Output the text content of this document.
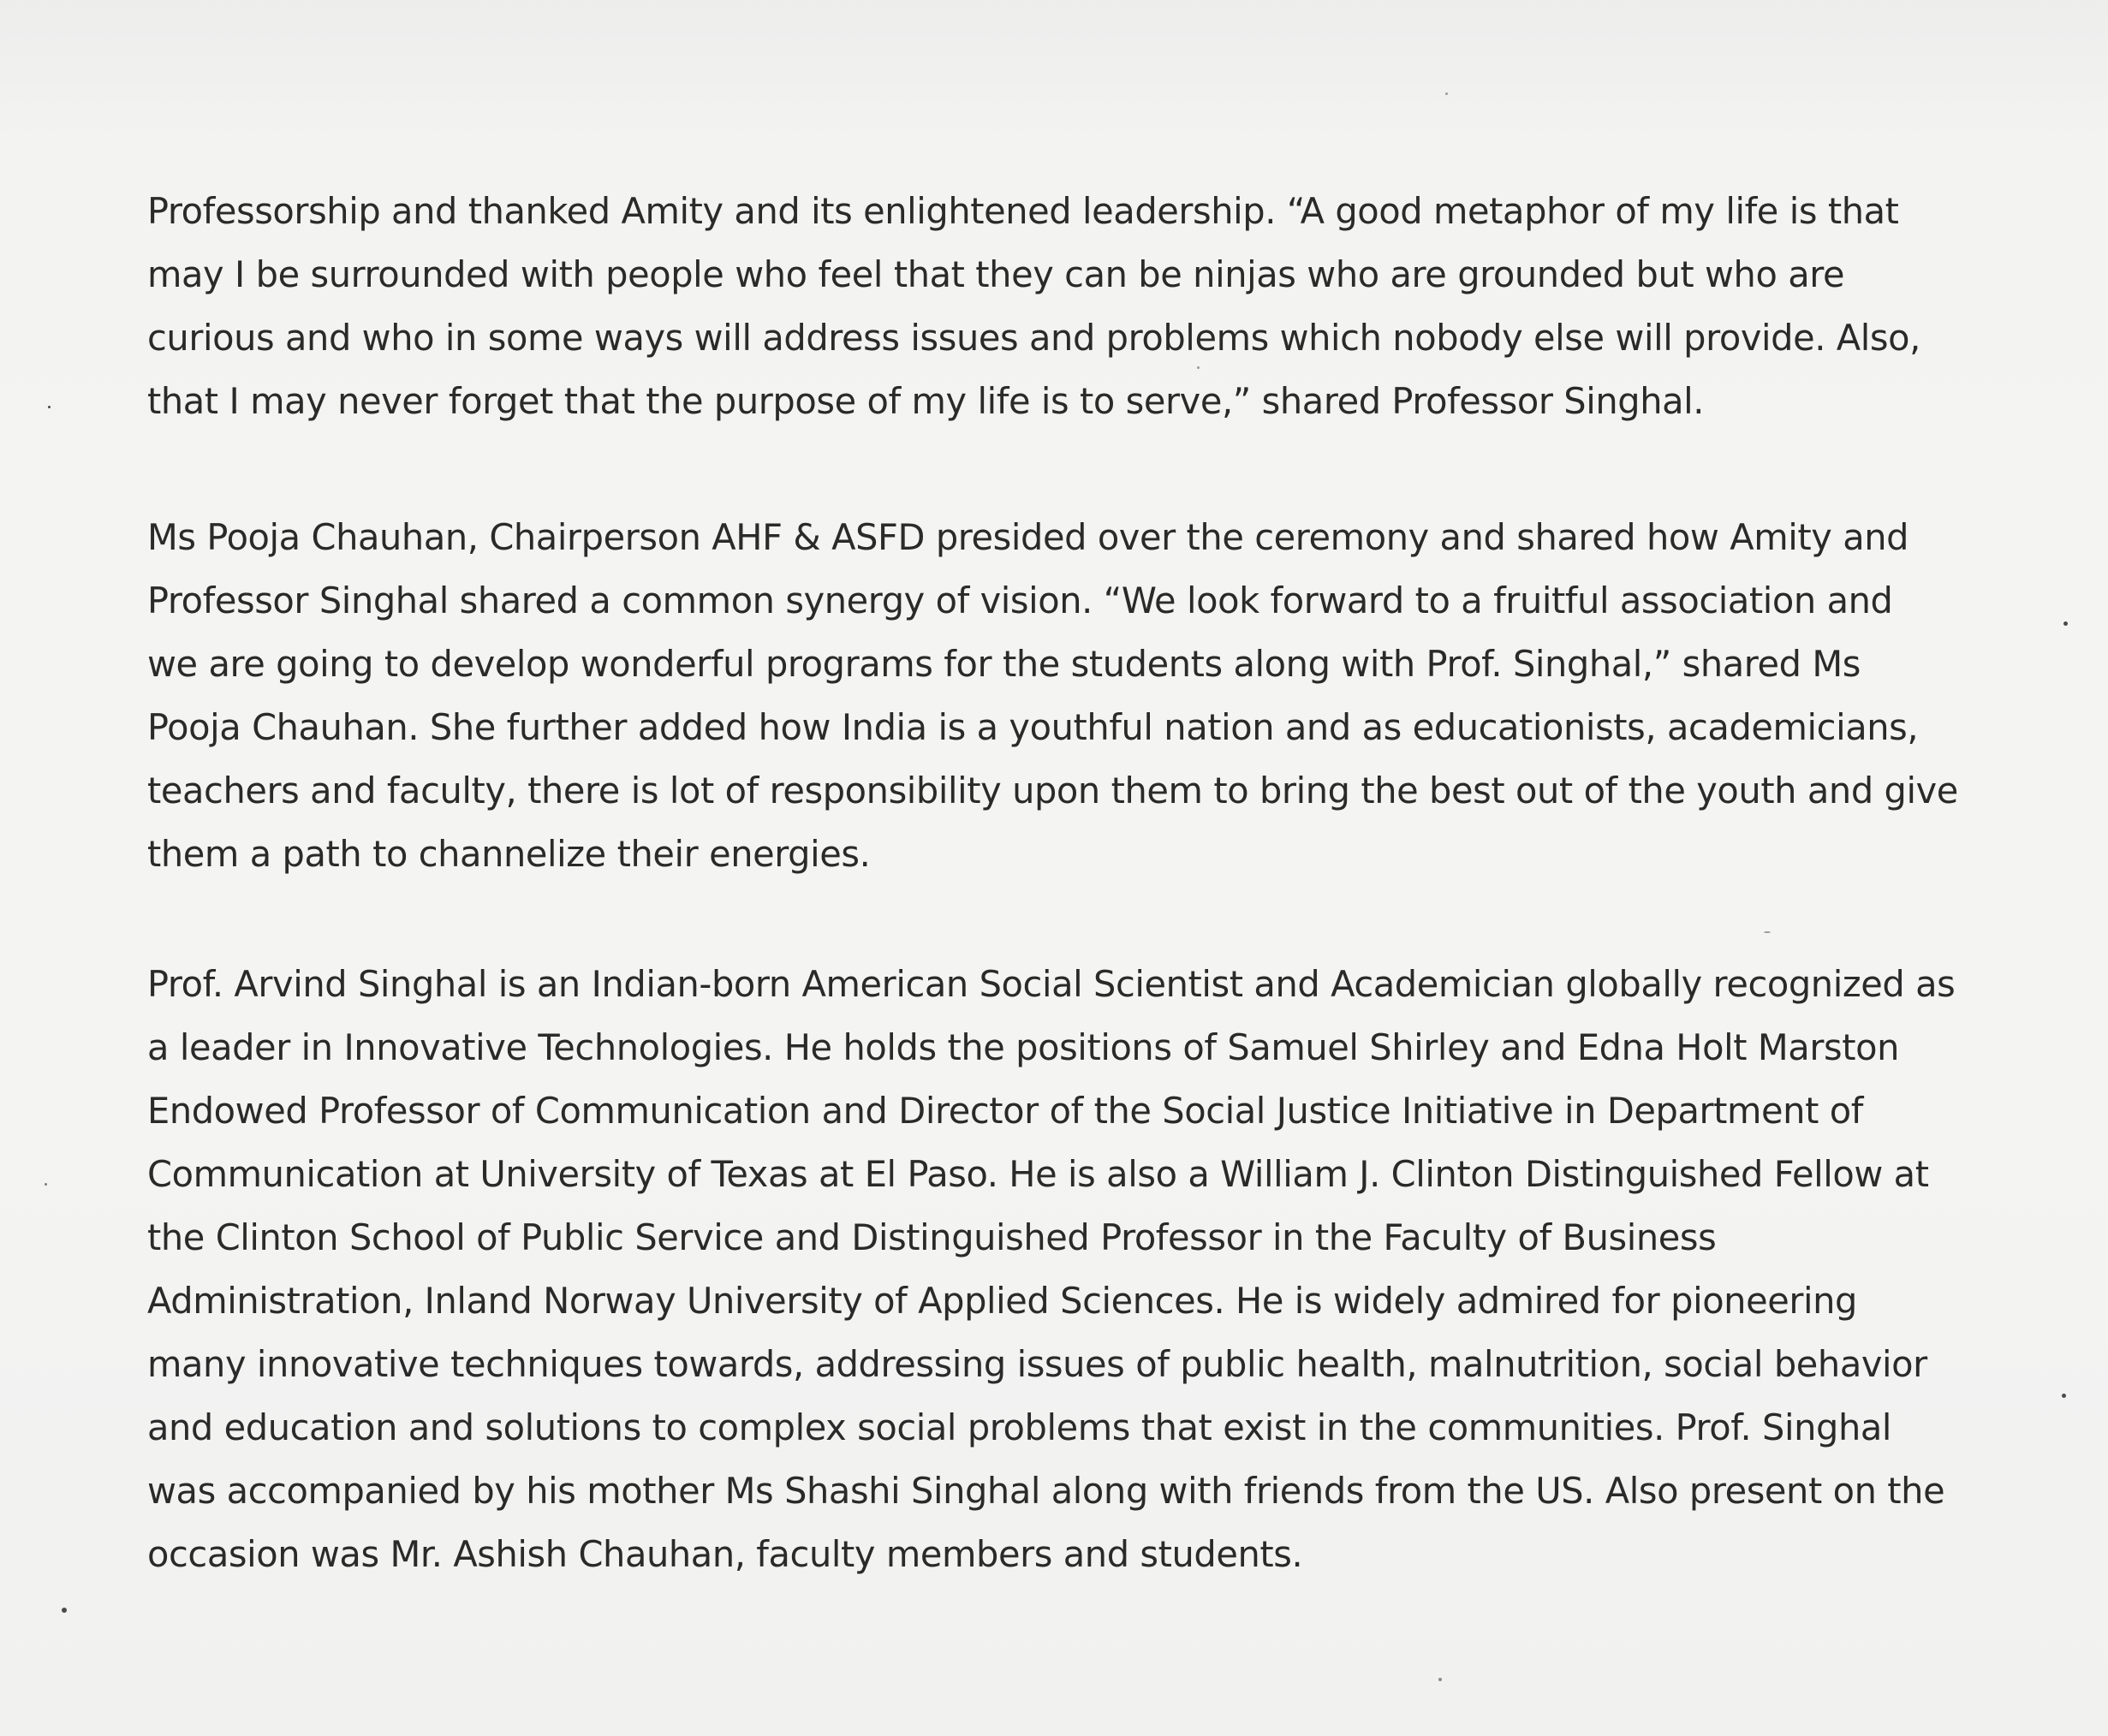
Professorship and thanked Amity and its enlightened leadership. “A good metaphor of my life is that
may I be surrounded with people who feel that they can be ninjas who are grounded but who are
curious and who in some ways will address issues and problems which nobody else will provide. Also,
that I may never forget that the purpose of my life is to serve,” shared Professor Singhal.
Ms Pooja Chauhan, Chairperson AHF & ASFD presided over the ceremony and shared how Amity and
Professor Singhal shared a common synergy of vision. “We look forward to a fruitful association and
we are going to develop wonderful programs for the students along with Prof. Singhal,” shared Ms
Pooja Chauhan. She further added how India is a youthful nation and as educationists, academicians,
teachers and faculty, there is lot of responsibility upon them to bring the best out of the youth and give
them a path to channelize their energies.
Prof. Arvind Singhal is an Indian-born American Social Scientist and Academician globally recognized as
a leader in Innovative Technologies. He holds the positions of Samuel Shirley and Edna Holt Marston
Endowed Professor of Communication and Director of the Social Justice Initiative in Department of
Communication at University of Texas at El Paso. He is also a William J. Clinton Distinguished Fellow at
the Clinton School of Public Service and Distinguished Professor in the Faculty of Business
Administration, Inland Norway University of Applied Sciences. He is widely admired for pioneering
many innovative techniques towards, addressing issues of public health, malnutrition, social behavior
and education and solutions to complex social problems that exist in the communities. Prof. Singhal
was accompanied by his mother Ms Shashi Singhal along with friends from the US. Also present on the
occasion was Mr. Ashish Chauhan, faculty members and students.
